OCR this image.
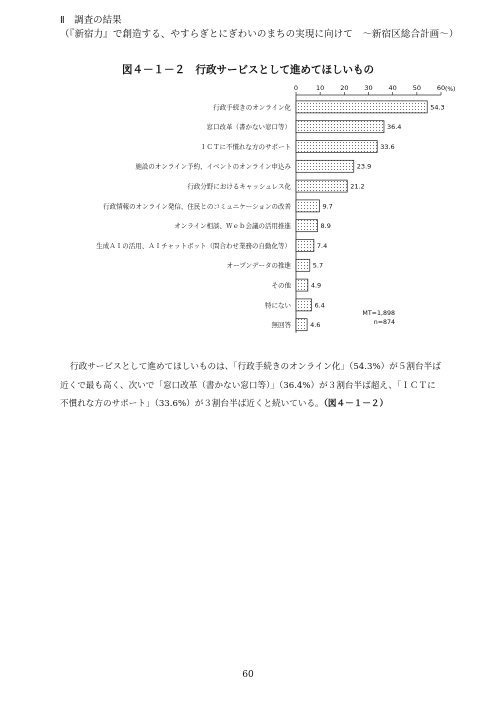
Ⅱ　調査の結果
（『新宿力』で創造する、やすらぎとにぎわいのまちの実現に向けて　～新宿区総合計画～）
図４－１－２　行政サービスとして進めてほしいもの
0	10 20 30 40 50 60 (%)
行政手続きのオンライン化	54.3
窓口改革（書かない窓口等）	36.4
ＩＣＴに不慣れな方のサポート	33.6
施設のオンライン予約、イベントのオンライン申込み	23.9
行政分野におけるキャッシュレス化	21.2
行政情報のオンライン発信、住民とのコミュニケーションの改善	9.7
オンライン相談、Ｗｅｂ会議の活用推進	8.9
生成ＡＩの活用、ＡＩチャットボット（問合わせ業務の自動化等）	7.4
オープンデータの推進	5.7
その他	4.9
特にない	6.4
無回答	4.6
MT=1,898
n=874
行政サービスとして進めてほしいものは、「行政手続きのオンライン化」（54.3%）が５割台半ば近くで最も高く、次いで「窓口改革（書かない窓口等）」（36.4%）が３割台半ば超え、「ＩＣＴに不慣れな方のサポート」（33.6%）が３割台半ば近くと続いている。（図４－１－２）
60
